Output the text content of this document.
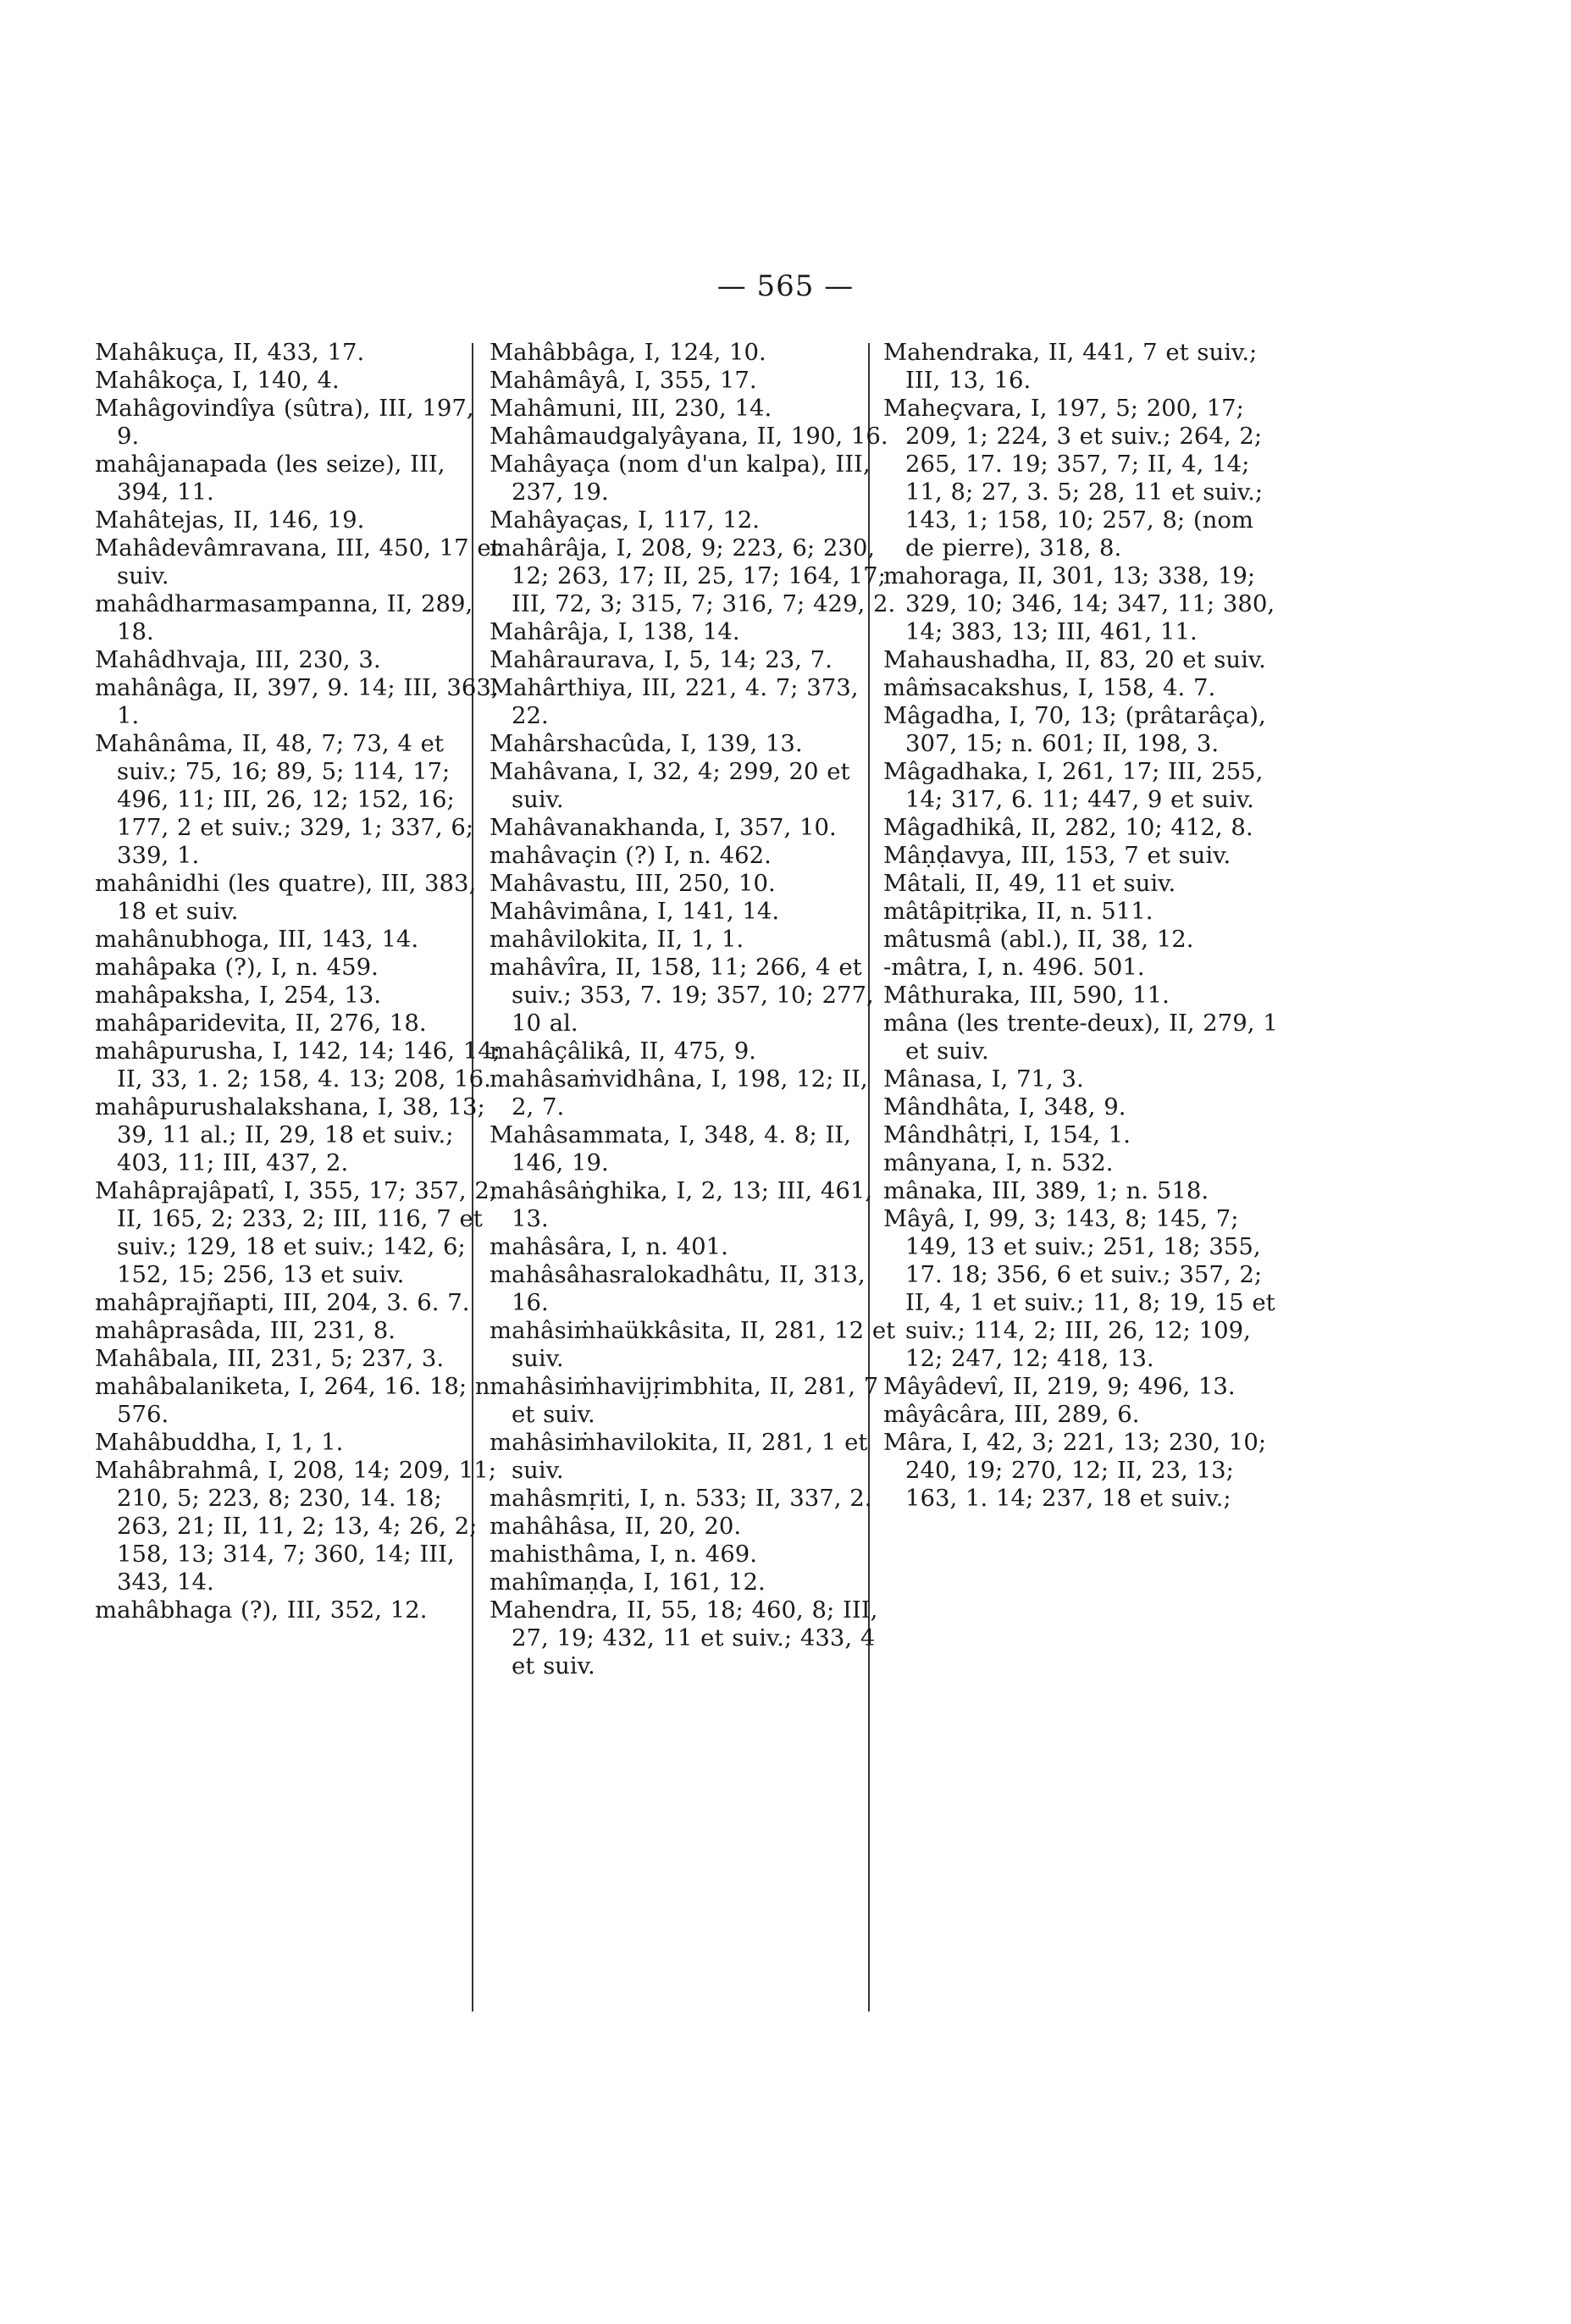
— 565 —

Mahâkuça, II, 433, 17.

Mahâkoça, I, 140, 4.

Mahâgovindîya (sûtra), III, 197, 9.

mahâjanapada (les seize), III, 394, 11.

Mahâtejas, II, 146, 19.

Mahâdevâmravana, III, 450, 17 et suiv.

mahâdharmasampanna, II, 289, 18.

Mahâdhvaja, III, 230, 3.

mahânâga, II, 397, 9. 14; III, 363, 1.

Mahânâma, II, 48, 7; 73, 4 et suiv.; 75, 16; 89, 5; 114, 17; 496, 11; III, 26, 12; 152, 16; 177, 2 et suiv.; 329, 1; 337, 6; 339, 1.

mahânidhi (les quatre), III, 383, 18 et suiv.

mahânubhoga, III, 143, 14.

mahâpaka (?), I, n. 459.

mahâpaksha, I, 254, 13.

mahâparidevita, II, 276, 18.

mahâpurusha, I, 142, 14; 146, 14; II, 33, 1. 2; 158, 4. 13; 208, 16.

mahâpurushalakshana, I, 38, 13; 39, 11 al.; II, 29, 18 et suiv.; 403, 11; III, 437, 2.

Mahâprajâpatî, I, 355, 17; 357, 2; II, 165, 2; 233, 2; III, 116, 7 et suiv.; 129, 18 et suiv.; 142, 6; 152, 15; 256, 13 et suiv.

mahâprajñapti, III, 204, 3. 6. 7.

mahâprasâda, III, 231, 8.

Mahâbala, III, 231, 5; 237, 3.

mahâbalaniketa, I, 264, 16. 18; n. 576.

Mahâbuddha, I, 1, 1.

Mahâbrahmâ, I, 208, 14; 209, 11; 210, 5; 223, 8; 230, 14. 18; 263, 21; II, 11, 2; 13, 4; 26, 2; 158, 13; 314, 7; 360, 14; III, 343, 14.

mahâbhaga (?), III, 352, 12.

Mahâbbâga, I, 124, 10.

Mahâmâyâ, I, 355, 17.

Mahâmuni, III, 230, 14.

Mahâmaudgalyâyana, II, 190, 16.

Mahâyaça (nom d'un kalpa), III, 237, 19.

Mahâyaças, I, 117, 12.

mahârâja, I, 208, 9; 223, 6; 230, 12; 263, 17; II, 25, 17; 164, 17; III, 72, 3; 315, 7; 316, 7; 429, 2.

Mahârâja, I, 138, 14.

Mahâraurava, I, 5, 14; 23, 7.

Mahârthiya, III, 221, 4. 7; 373, 22.

Mahârshacûda, I, 139, 13.

Mahâvana, I, 32, 4; 299, 20 et suiv.

Mahâvanakhanda, I, 357, 10.

mahâvaçin (?) I, n. 462.

Mahâvastu, III, 250, 10.

Mahâvimâna, I, 141, 14.

mahâvilokita, II, 1, 1.

mahâvîra, II, 158, 11; 266, 4 et suiv.; 353, 7. 19; 357, 10; 277, 10 al.

mahâçâlikâ, II, 475, 9.

mahâsaṁvidhâna, I, 198, 12; II, 2, 7.

Mahâsammata, I, 348, 4. 8; II, 146, 19.

mahâsâṅghika, I, 2, 13; III, 461, 13.

mahâsâra, I, n. 401.

mahâsâhasralokadhâtu, II, 313, 16.

mahâsiṁhaükkâsita, II, 281, 12 et suiv.

mahâsiṁhavijṛimbhita, II, 281, 7 et suiv.

mahâsiṁhavilokita, II, 281, 1 et suiv.

mahâsmṛiti, I, n. 533; II, 337, 2.

mahâhâsa, II, 20, 20.

mahisthâma, I, n. 469.

mahîmaṇḍa, I, 161, 12.

Mahendra, II, 55, 18; 460, 8; III, 27, 19; 432, 11 et suiv.; 433, 4 et suiv.

Mahendraka, II, 441, 7 et suiv.; III, 13, 16.

Maheçvara, I, 197, 5; 200, 17; 209, 1; 224, 3 et suiv.; 264, 2; 265, 17. 19; 357, 7; II, 4, 14; 11, 8; 27, 3. 5; 28, 11 et suiv.; 143, 1; 158, 10; 257, 8; (nom de pierre), 318, 8.

mahoraga, II, 301, 13; 338, 19; 329, 10; 346, 14; 347, 11; 380, 14; 383, 13; III, 461, 11.

Mahaushadha, II, 83, 20 et suiv.

mâṁsacakshus, I, 158, 4. 7.

Mâgadha, I, 70, 13; (prâtarâça), 307, 15; n. 601; II, 198, 3.

Mâgadhaka, I, 261, 17; III, 255, 14; 317, 6. 11; 447, 9 et suiv.

Mâgadhikâ, II, 282, 10; 412, 8.

Mâṇḍavya, III, 153, 7 et suiv.

Mâtali, II, 49, 11 et suiv.

mâtâpitṛika, II, n. 511.

mâtusmâ (abl.), II, 38, 12.

-mâtra, I, n. 496. 501.

Mâthuraka, III, 590, 11.

mâna (les trente-deux), II, 279, 1 et suiv.

Mânasa, I, 71, 3.

Mândhâta, I, 348, 9.

Mândhâtṛi, I, 154, 1.

mânyana, I, n. 532.

mânaka, III, 389, 1; n. 518.

Mâyâ, I, 99, 3; 143, 8; 145, 7; 149, 13 et suiv.; 251, 18; 355, 17. 18; 356, 6 et suiv.; 357, 2; II, 4, 1 et suiv.; 11, 8; 19, 15 et suiv.; 114, 2; III, 26, 12; 109, 12; 247, 12; 418, 13.

Mâyâdevî, II, 219, 9; 496, 13.

mâyâcâra, III, 289, 6.

Mâra, I, 42, 3; 221, 13; 230, 10; 240, 19; 270, 12; II, 23, 13; 163, 1. 14; 237, 18 et suiv.;
